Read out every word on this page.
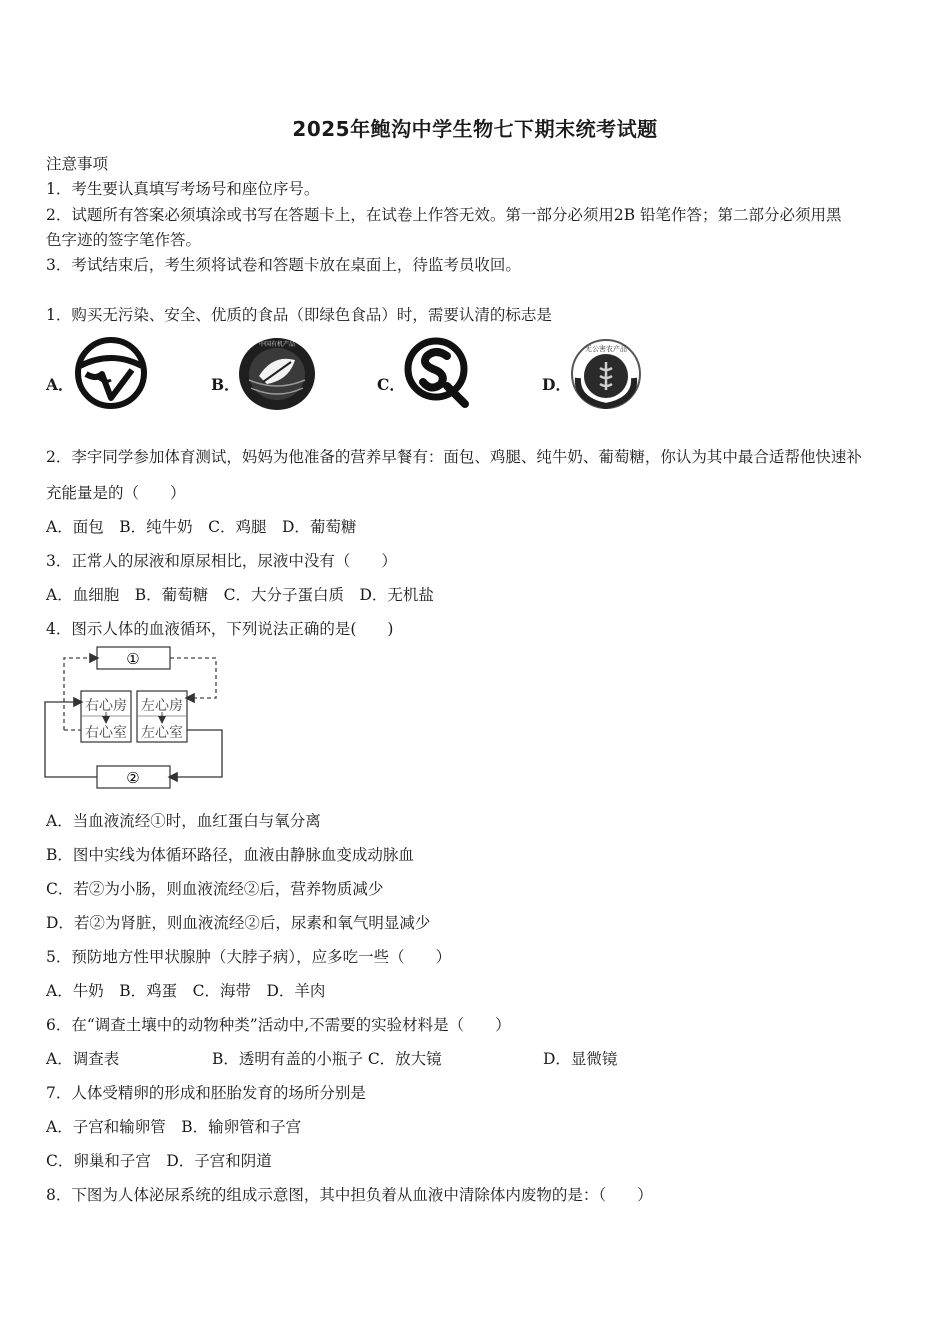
2025年鲍沟中学生物七下期末统考试题
注意事项
1．考生要认真填写考场号和座位序号。
2．试题所有答案必须填涂或书写在答题卡上，在试卷上作答无效。第一部分必须用2B 铅笔作答；第二部分必须用黑
色字迹的签字笔作答。
3．考试结束后，考生须将试卷和答题卡放在桌面上，待监考员收回。
1．购买无污染、安全、优质的食品（即绿色食品）时，需要认清的标志是
A．	B．
中国有机产品
C．	D．
无公害农产品
2．李宇同学参加体育测试，妈妈为他准备的营养早餐有：面包、鸡腿、纯牛奶、葡萄糖，你认为其中最合适帮他快速补
充能量是的（　　）
A．面包　B．纯牛奶　C．鸡腿　D．葡萄糖
3．正常人的尿液和原尿相比，尿液中没有（　　）
A．血细胞　B．葡萄糖　C．大分子蛋白质　D．无机盐
4．图示人体的血液循环，下列说法正确的是(　　)
①
②
右心房
右心室
左心房
左心室
A．当血液流经①时，血红蛋白与氧分离
B．图中实线为体循环路径，血液由静脉血变成动脉血
C．若②为小肠，则血液流经②后，营养物质减少
D．若②为肾脏，则血液流经②后，尿素和氧气明显减少
5．预防地方性甲状腺肿（大脖子病），应多吃一些（　　）
A．牛奶　B．鸡蛋　C．海带　D．羊肉
6．在“调查土壤中的动物种类”活动中,不需要的实验材料是（　　）
A．调查表	B．透明有盖的小瓶子 C．放大镜	D．显微镜
7．人体受精卵的形成和胚胎发育的场所分别是
A．子宫和输卵管　B．输卵管和子宫
C．卵巢和子宫　D．子宫和阴道
8．下图为人体泌尿系统的组成示意图，其中担负着从血液中清除体内废物的是：（　　）
